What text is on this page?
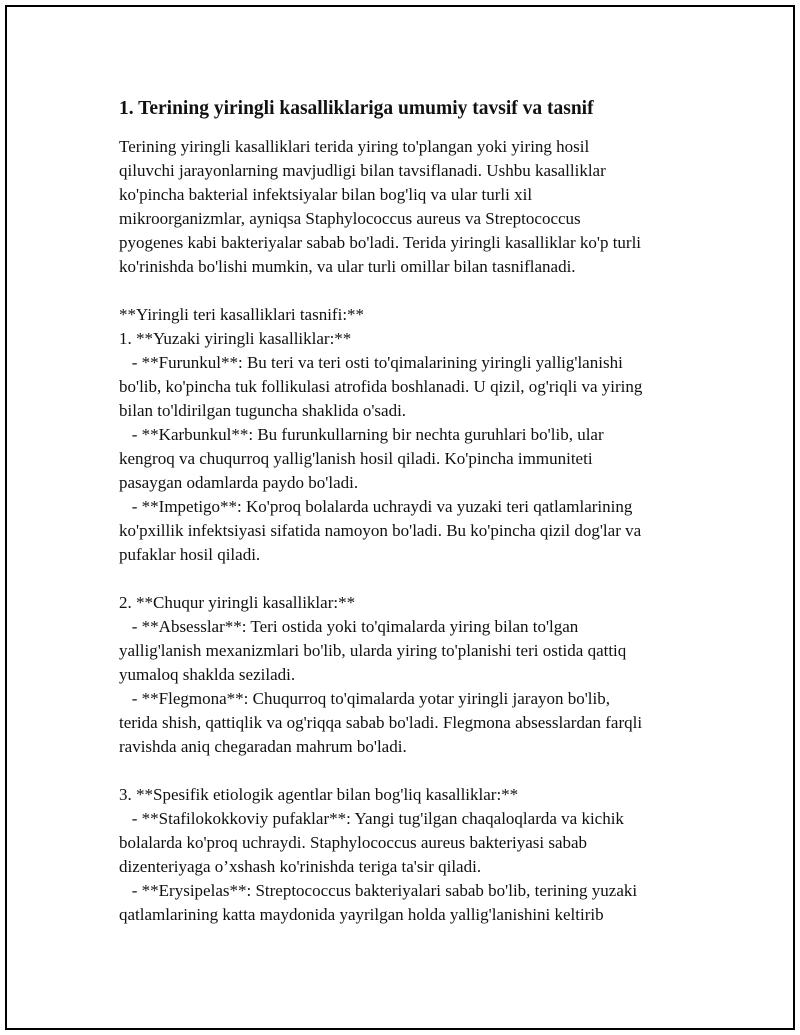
1. Terining yiringli kasalliklariga umumiy tavsif va tasnif

Terining yiringli kasalliklari terida yiring to'plangan yoki yiring hosil
qiluvchi jarayonlarning mavjudligi bilan tavsiflanadi. Ushbu kasalliklar
ko'pincha bakterial infektsiyalar bilan bog'liq va ular turli xil
mikroorganizmlar, ayniqsa Staphylococcus aureus va Streptococcus
pyogenes kabi bakteriyalar sabab bo'ladi. Terida yiringli kasalliklar ko'p turli
ko'rinishda bo'lishi mumkin, va ular turli omillar bilan tasniflanadi.

**Yiringli teri kasalliklari tasnifi:**
1. **Yuzaki yiringli kasalliklar:**
- **Furunkul**: Bu teri va teri osti to'qimalarining yiringli yallig'lanishi
bo'lib, ko'pincha tuk follikulasi atrofida boshlanadi. U qizil, og'riqli va yiring
bilan to'ldirilgan tuguncha shaklida o'sadi.
- **Karbunkul**: Bu furunkullarning bir nechta guruhlari bo'lib, ular
kengroq va chuqurroq yallig'lanish hosil qiladi. Ko'pincha immuniteti
pasaygan odamlarda paydo bo'ladi.
- **Impetigo**: Ko'proq bolalarda uchraydi va yuzaki teri qatlamlarining
ko'pxillik infektsiyasi sifatida namoyon bo'ladi. Bu ko'pincha qizil dog'lar va
pufaklar hosil qiladi.

2. **Chuqur yiringli kasalliklar:**
- **Absesslar**: Teri ostida yoki to'qimalarda yiring bilan to'lgan
yallig'lanish mexanizmlari bo'lib, ularda yiring to'planishi teri ostida qattiq
yumaloq shaklda seziladi.
- **Flegmona**: Chuqurroq to'qimalarda yotar yiringli jarayon bo'lib,
terida shish, qattiqlik va og'riqqa sabab bo'ladi. Flegmona absesslardan farqli
ravishda aniq chegaradan mahrum bo'ladi.

3. **Spesifik etiologik agentlar bilan bog'liq kasalliklar:**
- **Stafilokokkoviy pufaklar**: Yangi tug'ilgan chaqaloqlarda va kichik
bolalarda ko'proq uchraydi. Staphylococcus aureus bakteriyasi sabab
dizenteriyaga o’xshash ko'rinishda teriga ta'sir qiladi.
- **Erysipelas**: Streptococcus bakteriyalari sabab bo'lib, terining yuzaki
qatlamlarining katta maydonida yayrilgan holda yallig'lanishini keltirib
